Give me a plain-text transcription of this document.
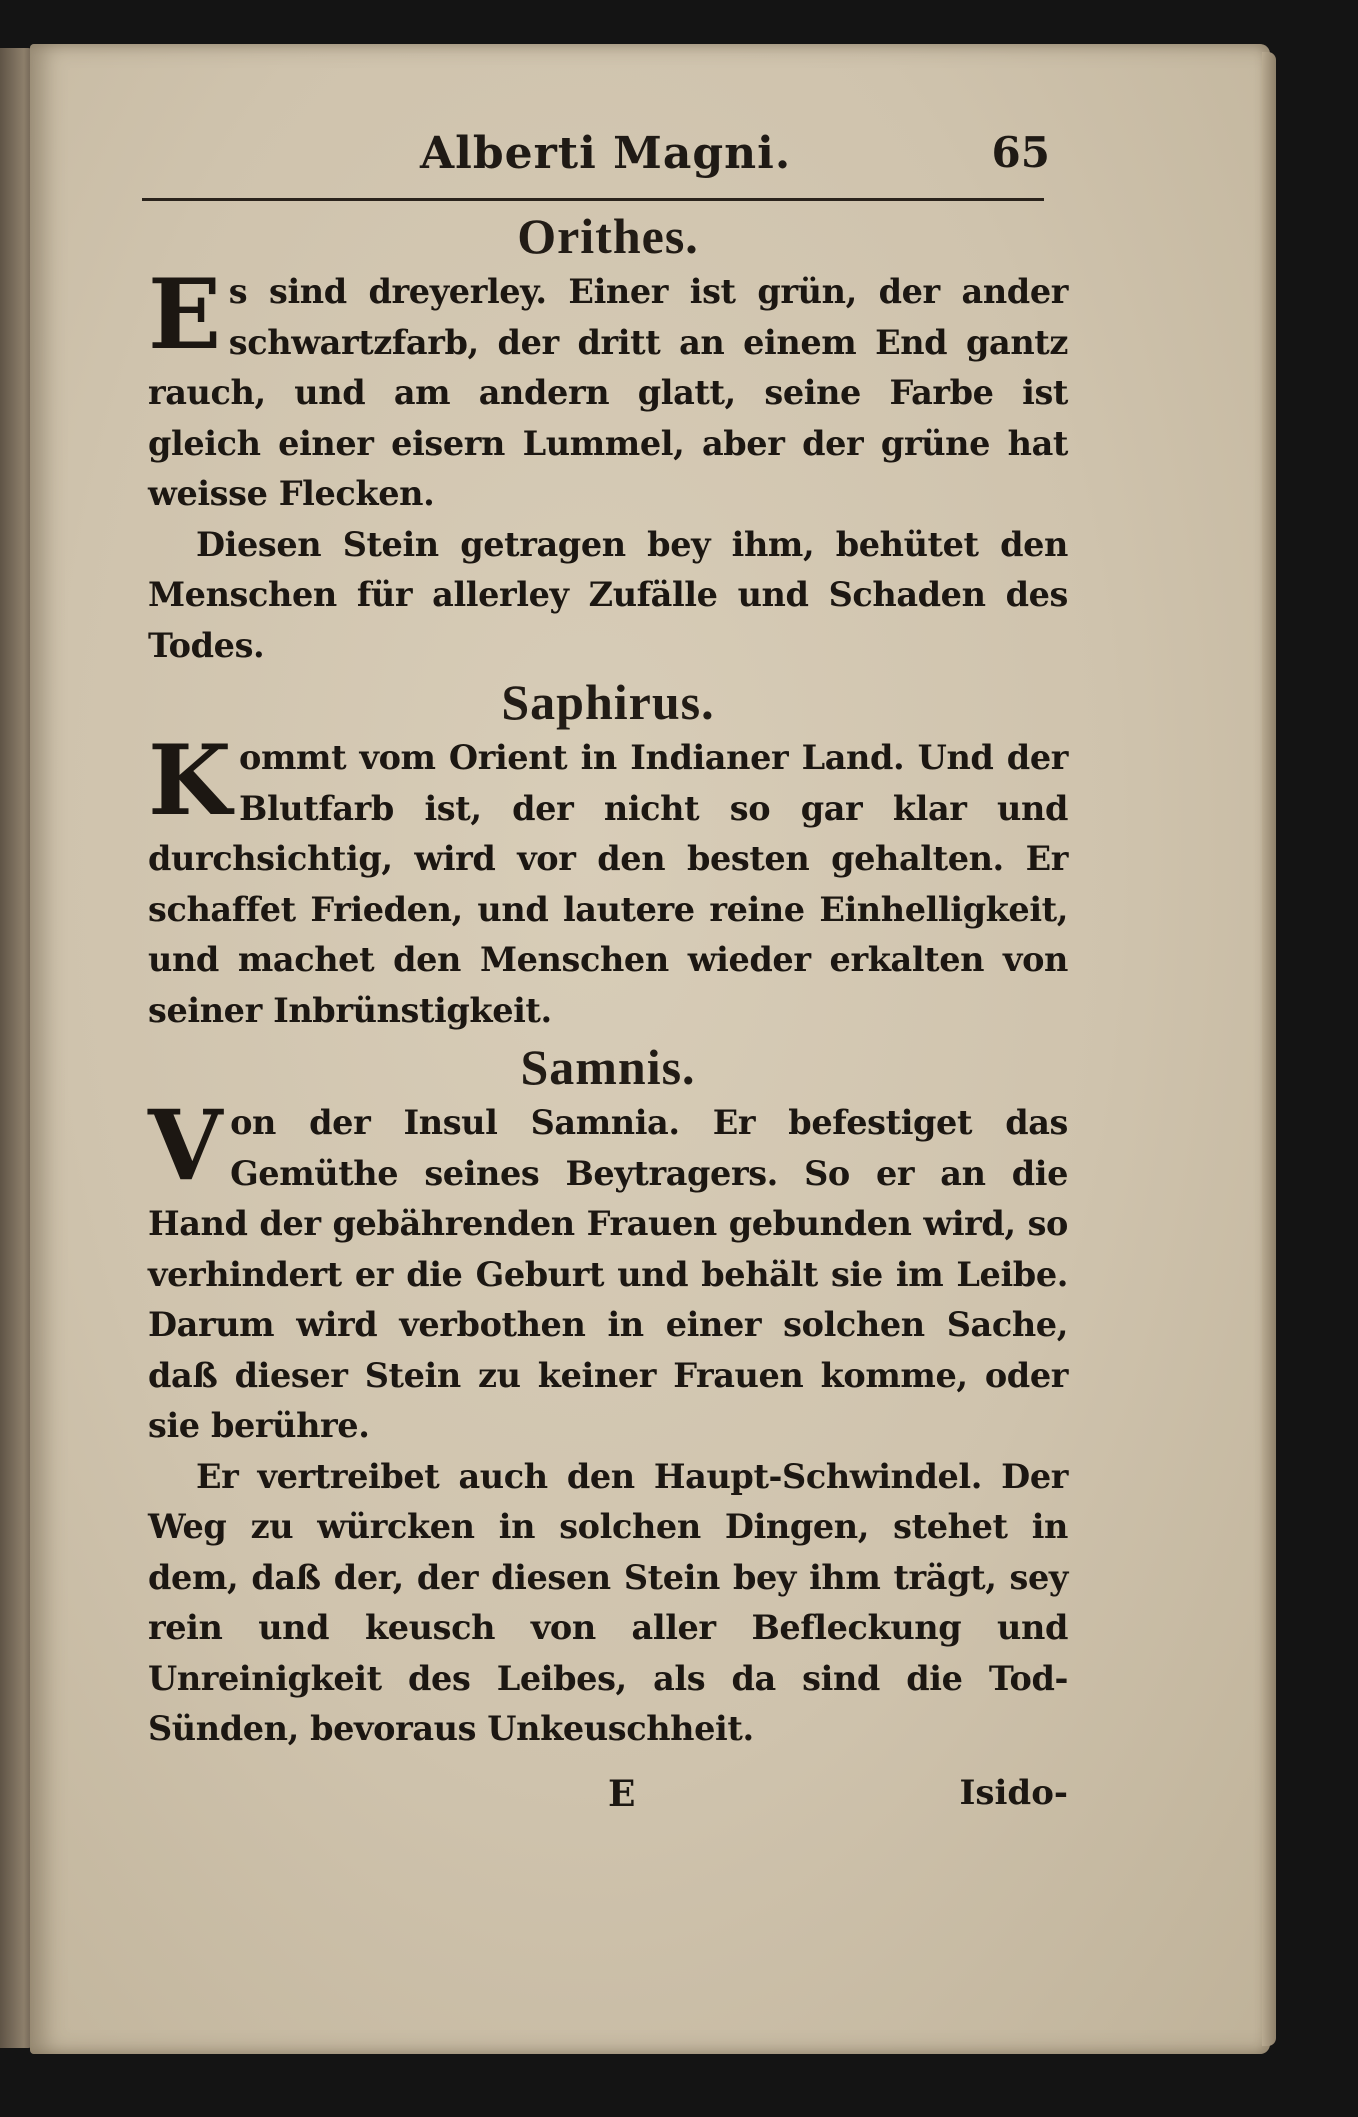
Alberti Magni.	65
Orithes.

Es sind dreyerley. Einer ist grün, der ander schwartzfarb, der dritt an einem End gantz rauch, und am andern glatt, seine Farbe ist gleich einer eisern Lummel, aber der grüne hat weisse Flecken.

Diesen Stein getragen bey ihm, behütet den Menschen für allerley Zufälle und Schaden des Todes.

Saphirus.

Kommt vom Orient in Indianer Land. Und der Blutfarb ist, der nicht so gar klar und durchsichtig, wird vor den besten gehalten. Er schaffet Frieden, und lautere reine Einhelligkeit, und machet den Menschen wieder erkalten von seiner Inbrünstigkeit.

Samnis.

Von der Insul Samnia. Er befestiget das Gemüthe seines Beytragers. So er an die Hand der gebährenden Frauen gebunden wird, so verhindert er die Geburt und behält sie im Leibe. Darum wird verbothen in einer solchen Sache, daß dieser Stein zu keiner Frauen komme, oder sie berühre.

Er vertreibet auch den Haupt-Schwindel. Der Weg zu würcken in solchen Dingen, stehet in dem, daß der, der diesen Stein bey ihm trägt, sey rein und keusch von aller Befleckung und Unreinigkeit des Leibes, als da sind die Tod-Sünden, bevoraus Unkeuschheit.

E	Isido-
